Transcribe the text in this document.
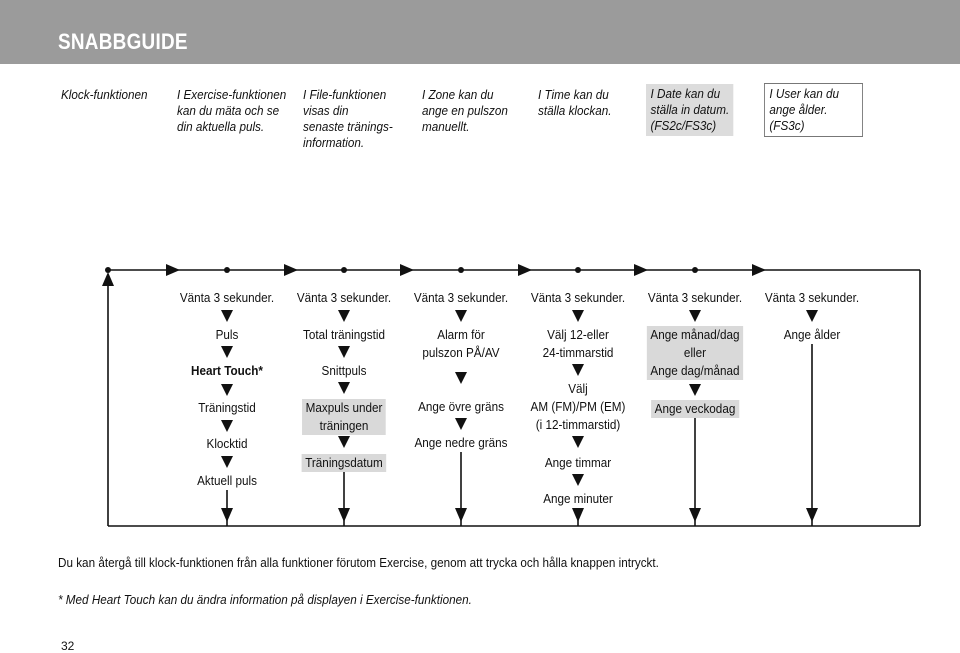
SNABBGUIDE
Klock-funktionen I Exercise-funktionen
kan du mäta och se
din aktuella puls.
I File-funktionen
visas din
senaste tränings-
information.
I Zone kan du
ange en pulszon
manuellt.
I Time kan du
ställa klockan.
I Date kan du
ställa in datum.
(FS2c/FS3c)
I User kan du
ange ålder.
(FS3c)
Vänta 3 sekunder. Vänta 3 sekunder. Vänta 3 sekunder. Vänta 3 sekunder. Vänta 3 sekunder. Vänta 3 sekunder.
Puls
Heart Touch*
Träningstid
Klocktid
Aktuell puls
Total träningstid
Snittpuls
Maxpuls under
träningen
Träningsdatum
Alarm för
pulszon PÅ/AV
Ange övre gräns
Ange nedre gräns
Välj 12-eller
24-timmarstid
Välj
AM (FM)/PM (EM)
(i 12-timmarstid)
Ange timmar
Ange minuter
Ange månad/dag
eller
Ange dag/månad
Ange veckodag
Ange ålder
Du kan återgå till klock-funktionen från alla funktioner förutom Exercise, genom att trycka och hålla knappen intryckt.
* Med Heart Touch kan du ändra information på displayen i Exercise-funktionen.
32
